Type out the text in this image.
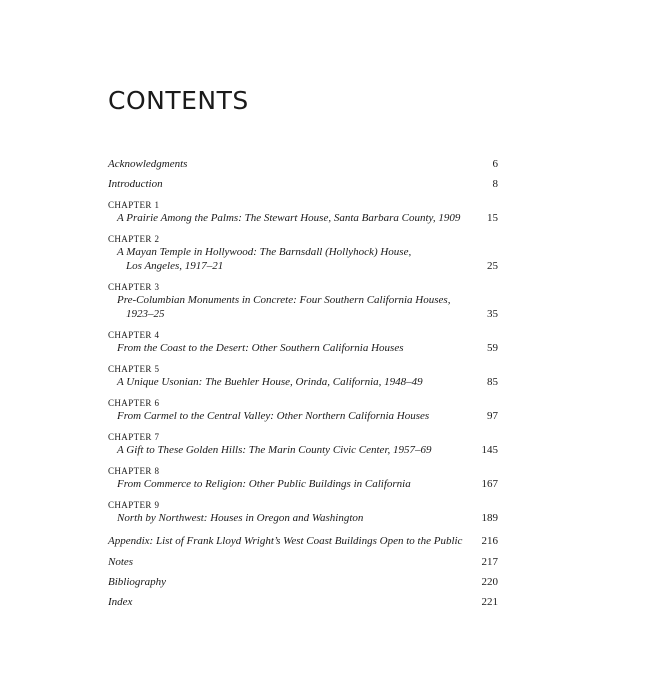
CONTENTS
Acknowledgments	6
Introduction	8
CHAPTER 1
A Prairie Among the Palms: The Stewart House, Santa Barbara County, 1909 15
CHAPTER 2
A Mayan Temple in Hollywood: The Barnsdall (Hollyhock) House,
Los Angeles, 1917–21	25
CHAPTER 3
Pre-Columbian Monuments in Concrete: Four Southern California Houses,
1923–25	35
CHAPTER 4
From the Coast to the Desert: Other Southern California Houses	59
CHAPTER 5
A Unique Usonian: The Buehler House, Orinda, California, 1948–49	85
CHAPTER 6
From Carmel to the Central Valley: Other Northern California Houses	97
CHAPTER 7
A Gift to These Golden Hills: The Marin County Civic Center, 1957–69	145
CHAPTER 8
From Commerce to Religion: Other Public Buildings in California	167
CHAPTER 9
North by Northwest: Houses in Oregon and Washington	189
Appendix: List of Frank Lloyd Wright’s West Coast Buildings Open to the Public 216
Notes	217
Bibliography	220
Index	221
